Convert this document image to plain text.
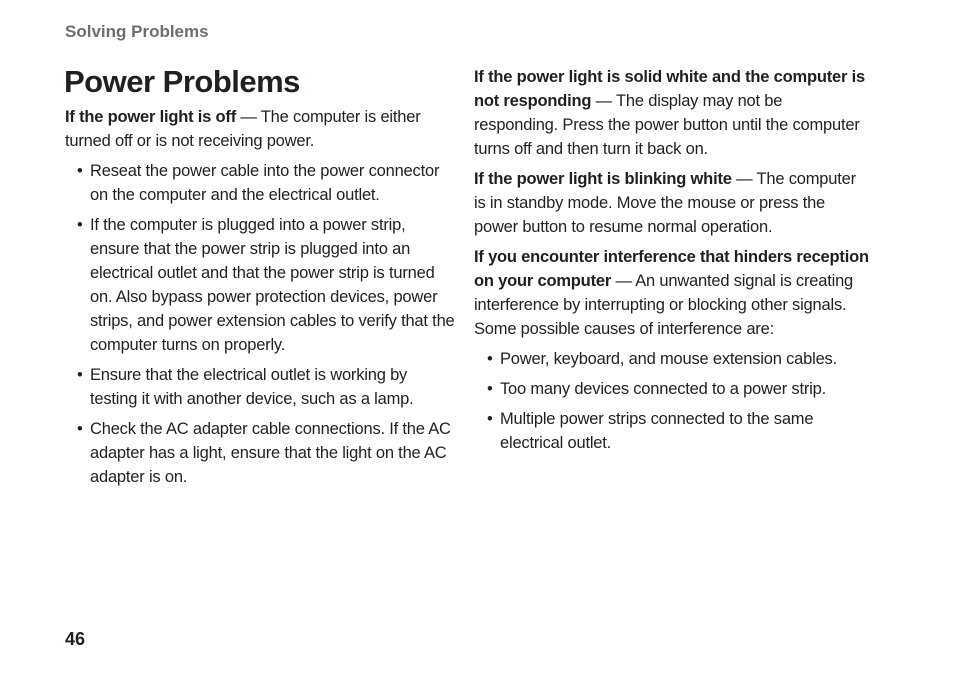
Solving Problems
Power Problems

If the power light is off — The computer is either turned off or is not receiving power.

• Reseat the power cable into the power connector on the computer and the electrical outlet.
• If the computer is plugged into a power strip, ensure that the power strip is plugged into an electrical outlet and that the power strip is turned on. Also bypass power protection devices, power strips, and power extension cables to verify that the computer turns on properly.
• Ensure that the electrical outlet is working by testing it with another device, such as a lamp.
• Check the AC adapter cable connections. If the AC adapter has a light, ensure that the light on the AC adapter is on.

If the power light is solid white and the computer is not responding — The display may not be responding. Press the power button until the computer turns off and then turn it back on.

If the power light is blinking white — The computer is in standby mode. Move the mouse or press the power button to resume normal operation.

If you encounter interference that hinders reception on your computer — An unwanted signal is creating interference by interrupting or blocking other signals. Some possible causes of interference are:

• Power, keyboard, and mouse extension cables.
• Too many devices connected to a power strip.
• Multiple power strips connected to the same electrical outlet.
46
